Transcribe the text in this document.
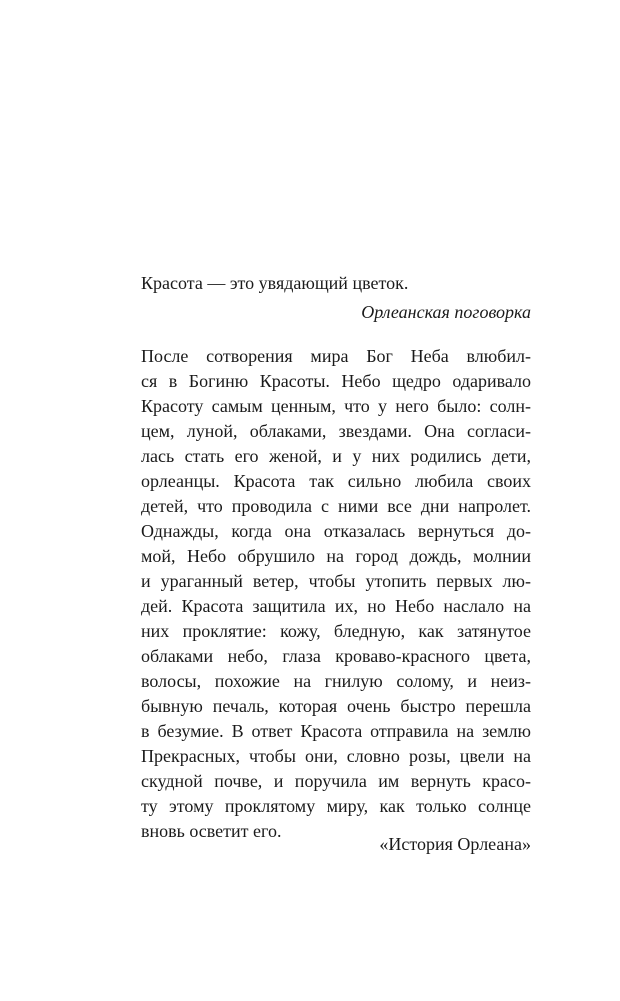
Красота — это увядающий цветок.

Орлеанская поговорка

После сотворения мира Бог Неба влюбил-
ся в Богиню Красоты. Небо щедро одаривало
Красоту самым ценным, что у него было: солн-
цем, луной, облаками, звездами. Она согласи-
лась стать его женой, и у них родились дети,
орлеанцы. Красота так сильно любила своих
детей, что проводила с ними все дни напролет.
Однажды, когда она отказалась вернуться до-
мой, Небо обрушило на город дождь, молнии
и ураганный ветер, чтобы утопить первых лю-
дей. Красота защитила их, но Небо наслало на
них проклятие: кожу, бледную, как затянутое
облаками небо, глаза кроваво-красного цвета,
волосы, похожие на гнилую солому, и неиз-
бывную печаль, которая очень быстро перешла
в безумие. В ответ Красота отправила на землю
Прекрасных, чтобы они, словно розы, цвели на
скудной почве, и поручила им вернуть красо-
ту этому проклятому миру, как только солнце
вновь осветит его.
«История Орлеана»
